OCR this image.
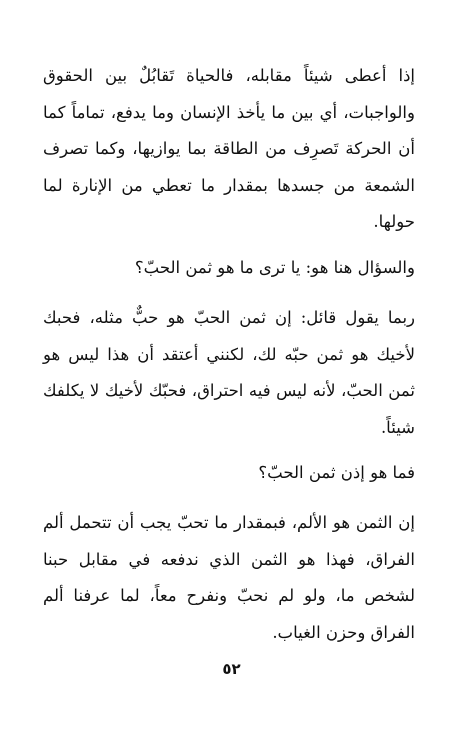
إذا أعطى شيئاً مقابله، فالحياة تَقابُلٌ بين الحقوق والواجبات، أي بين ما يأخذ الإنسان وما يدفع، تماماً كما أن الحركة تَصرِف من الطاقة بما يوازيها، وكما تصرف الشمعة من جسدها بمقدار ما تعطي من الإنارة لما حولها.

والسؤال هنا هو: يا ترى ما هو ثمن الحبّ؟

ربما يقول قائل: إن ثمن الحبّ هو حبٌّ مثله، فحبك لأخيك هو ثمن حبّه لك، لكنني أعتقد أن هذا ليس هو ثمن الحبّ، لأنه ليس فيه احتراق، فحبّك لأخيك لا يكلفك شيئاً.

فما هو إذن ثمن الحبّ؟

إن الثمن هو الألم، فبمقدار ما تحبّ يجب أن تتحمل ألم الفراق، فهذا هو الثمن الذي ندفعه في مقابل حبنا لشخص ما، ولو لم نحبّ ونفرح معاً، لما عرفنا ألم الفراق وحزن الغياب.

٥٢
